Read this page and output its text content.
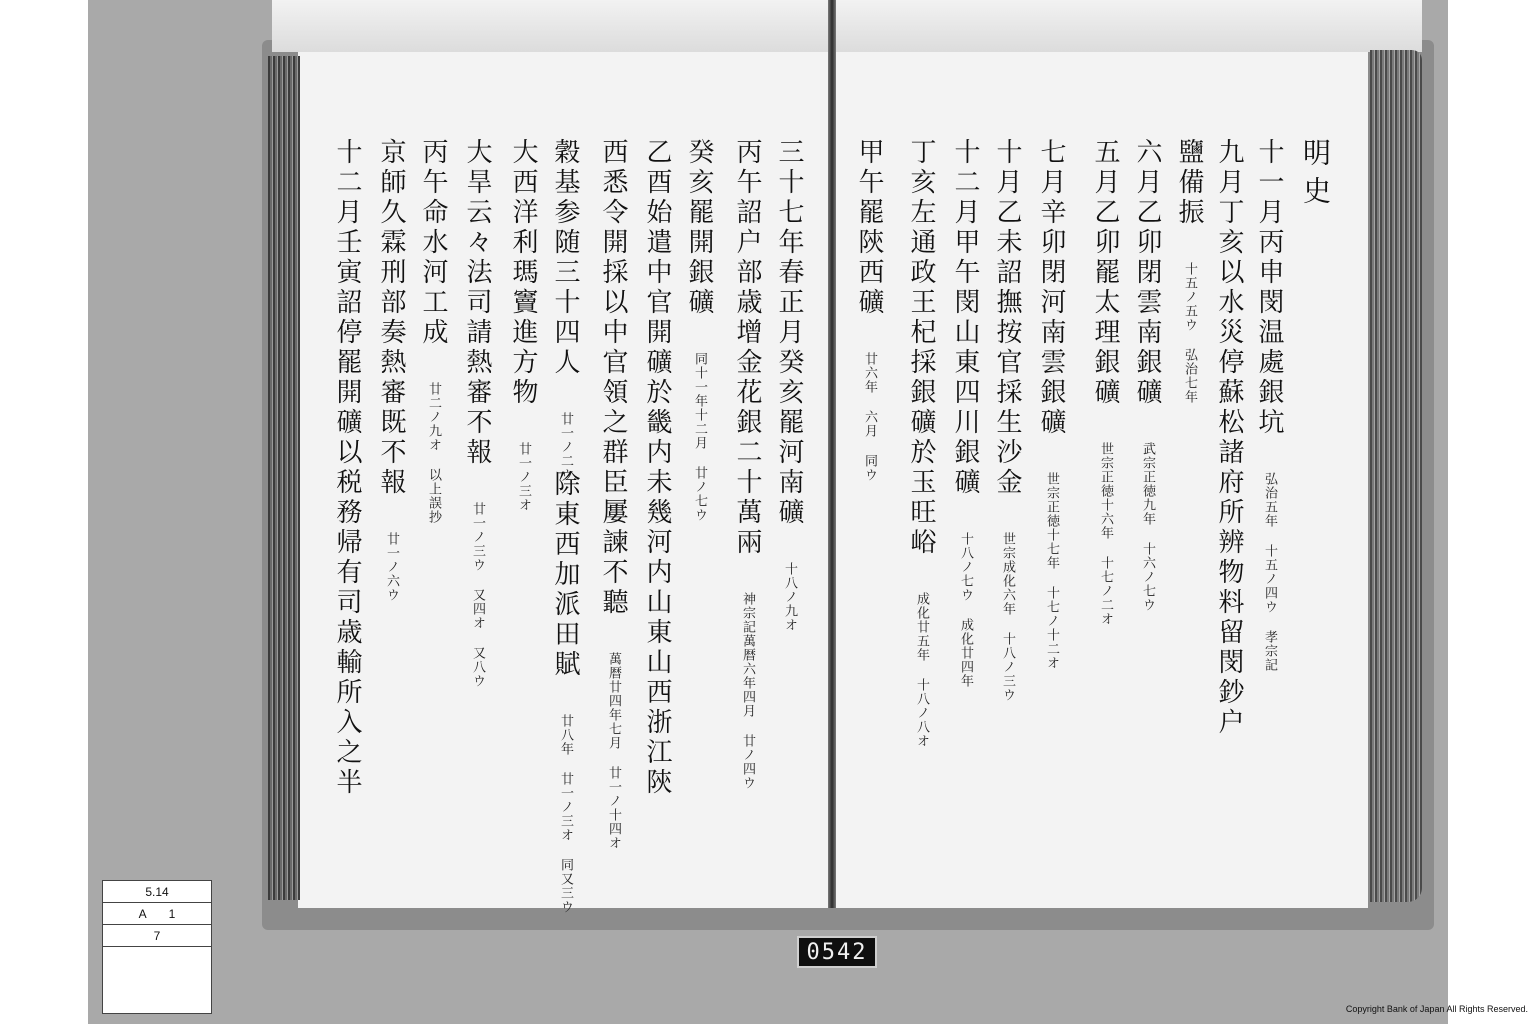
明史
十一月丙申閔温處銀坑 弘治五年 十五ノ四ウ 孝宗記
九月丁亥以水災停蘇松諸府所辨物料留閔鈔户
鹽備振 十五ノ五ウ 弘治七年
六月乙卯閉雲南銀礦 武宗正徳九年 十六ノ七ウ
五月乙卯罷太理銀礦 世宗正徳十六年 十七ノ二オ
七月辛卯閉河南雲銀礦 世宗正徳十七年 十七ノ十二オ
十月乙未詔撫按官採生沙金 世宗成化六年 十八ノ三ウ
十二月甲午閔山東四川銀礦 十八ノ七ウ 成化廿四年
丁亥左通政王杞採銀礦於玉旺峪 成化廿五年 十八ノ八オ
甲午罷陝西礦 廿六年 六月 同ウ
三十七年春正月癸亥罷河南礦 十八ノ九オ
丙午詔户部歳增金花銀二十萬兩 神宗記萬暦六年四月 廿ノ四ウ
癸亥罷開銀礦 同十一年十二月 廿ノ七ウ
乙酉始遣中官開礦於畿内未幾河内山東山西浙江陝
西悉令開採以中官領之群臣屢諫不聽 萬暦廿四年七月 廿一ノ十四オ
穀基参随三十四人 廿一ノ二ウ
大西洋利瑪竇進方物 廿一ノ三オ 除東西加派田賦 廿八年 廿一ノ三オ 同又三ウ
大旱云々法司請熱審不報 廿一ノ三ウ 又四オ 又八ウ
丙午命水河工成 廿二ノ九オ 以上誤抄
京師久霖刑部奏熱審既不報 廿一ノ六ウ
十二月壬寅詔停罷開礦以税務帰有司歳輸所入之半
5.14
A 1
7
0542
Copyright Bank of Japan All Rights Reserved.
